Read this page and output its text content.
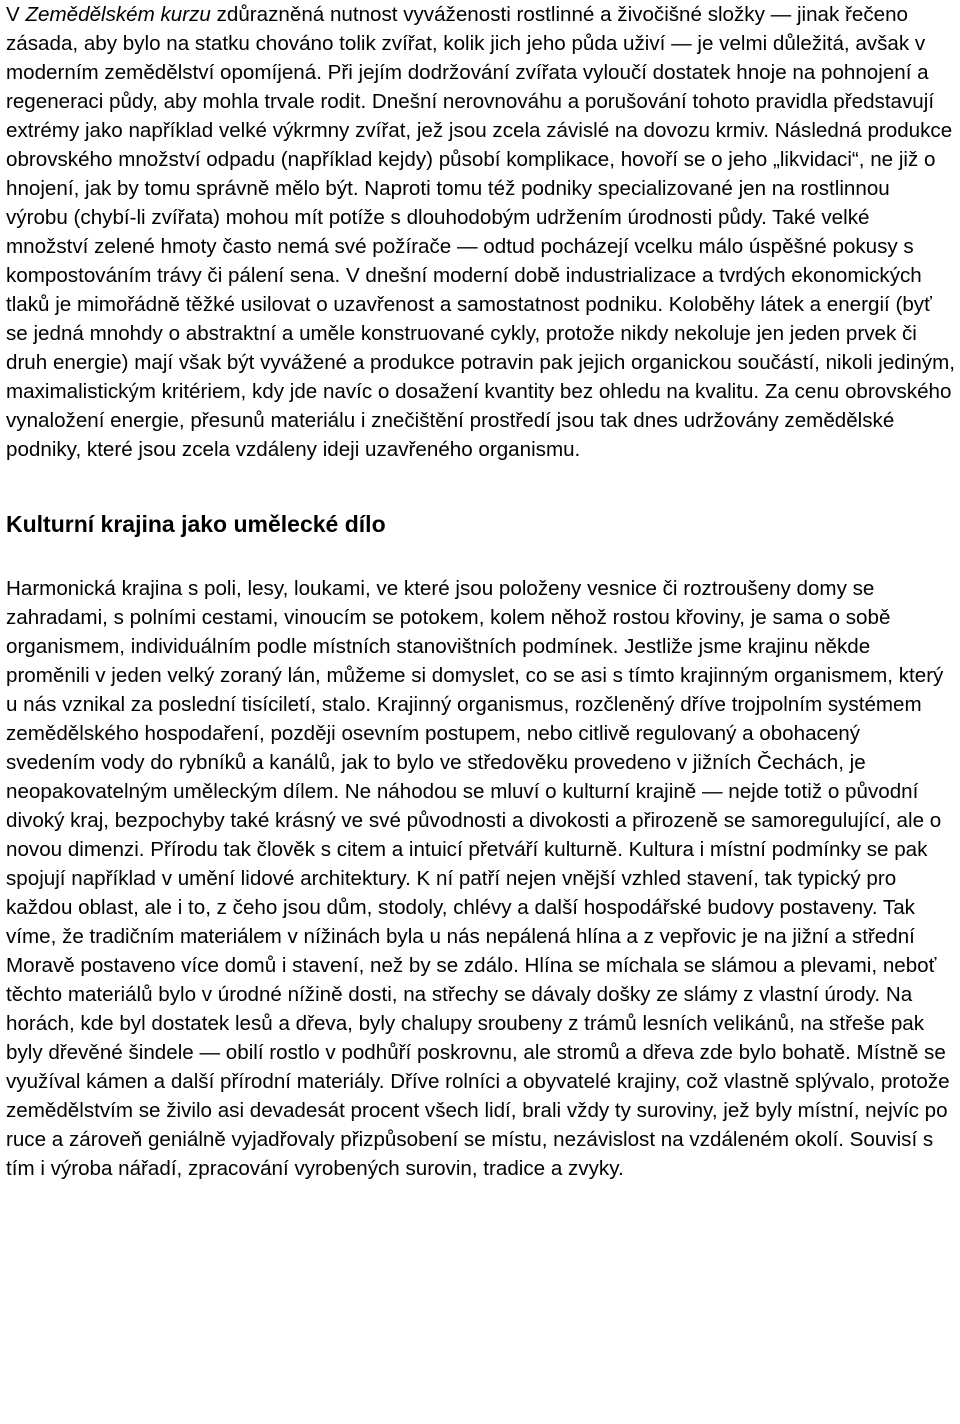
V Zemědělském kurzu zdůrazněná nutnost vyváženosti rostlinné a živočišné složky — jinak řečeno zásada, aby bylo na statku chováno tolik zvířat, kolik jich jeho půda uživí — je velmi důležitá, avšak v moderním zemědělství opomíjená. Při jejím dodržování zvířata vyloučí dostatek hnoje na pohnojení a regeneraci půdy, aby mohla trvale rodit. Dnešní nerovnováhu a porušování tohoto pravidla představují extrémy jako například velké výkrmny zvířat, jež jsou zcela závislé na dovozu krmiv. Následná produkce obrovského množství odpadu (například kejdy) působí komplikace, hovoří se o jeho „likvidaci“, ne již o hnojení, jak by tomu správně mělo být. Naproti tomu též podniky specializované jen na rostlinnou výrobu (chybí-li zvířata) mohou mít potíže s dlouhodobým udržením úrodnosti půdy. Také velké množství zelené hmoty často nemá své požírače — odtud pocházejí vcelku málo úspěšné pokusy s kompostováním trávy či pálení sena. V dnešní moderní době industrializace a tvrdých ekonomických tlaků je mimořádně těžké usilovat o uzavřenost a samostatnost podniku. Koloběhy látek a energií (byť se jedná mnohdy o abstraktní a uměle konstruované cykly, protože nikdy nekoluje jen jeden prvek či druh energie) mají však být vyvážené a produkce potravin pak jejich organickou součástí, nikoli jediným, maximalistickým kritériem, kdy jde navíc o dosažení kvantity bez ohledu na kvalitu. Za cenu obrovského vynaložení energie, přesunů materiálu i znečištění prostředí jsou tak dnes udržovány zemědělské podniky, které jsou zcela vzdáleny ideji uzavřeného organismu.

Kulturní krajina jako umělecké dílo

Harmonická krajina s poli, lesy, loukami, ve které jsou položeny vesnice či roztroušeny domy se zahradami, s polními cestami, vinoucím se potokem, kolem něhož rostou křoviny, je sama o sobě organismem, individuálním podle místních stanovištních podmínek. Jestliže jsme krajinu někde proměnili v jeden velký zoraný lán, můžeme si domyslet, co se asi s tímto krajinným organismem, který u nás vznikal za poslední tisíciletí, stalo. Krajinný organismus, rozčleněný dříve trojpolním systémem zemědělského hospodaření, později osevním postupem, nebo citlivě regulovaný a obohacený svedením vody do rybníků a kanálů, jak to bylo ve středověku provedeno v jižních Čechách, je neopakovatelným uměleckým dílem. Ne náhodou se mluví o kulturní krajině — nejde totiž o původní divoký kraj, bezpochyby také krásný ve své původnosti a divokosti a přirozeně se samoregulující, ale o novou dimenzi. Přírodu tak člověk s citem a intuicí přetváří kulturně. Kultura i místní podmínky se pak spojují například v umění lidové architektury. K ní patří nejen vnější vzhled stavení, tak typický pro každou oblast, ale i to, z čeho jsou dům, stodoly, chlévy a další hospodářské budovy postaveny. Tak víme, že tradičním materiálem v nížinách byla u nás nepálená hlína a z vepřovic je na jižní a střední Moravě postaveno více domů i stavení, než by se zdálo. Hlína se míchala se slámou a plevami, neboť těchto materiálů bylo v úrodné nížině dosti, na střechy se dávaly došky ze slámy z vlastní úrody. Na horách, kde byl dostatek lesů a dřeva, byly chalupy sroubeny z trámů lesních velikánů, na střeše pak byly dřevěné šindele — obilí rostlo v podhůří poskrovnu, ale stromů a dřeva zde bylo bohatě. Místně se využíval kámen a další přírodní materiály. Dříve rolníci a obyvatelé krajiny, což vlastně splývalo, protože zemědělstvím se živilo asi devadesát procent všech lidí, brali vždy ty suroviny, jež byly místní, nejvíc po ruce a zároveň geniálně vyjadřovaly přizpůsobení se místu, nezávislost na vzdáleném okolí. Souvisí s tím i výroba nářadí, zpracování vyrobených surovin, tradice a zvyky.
